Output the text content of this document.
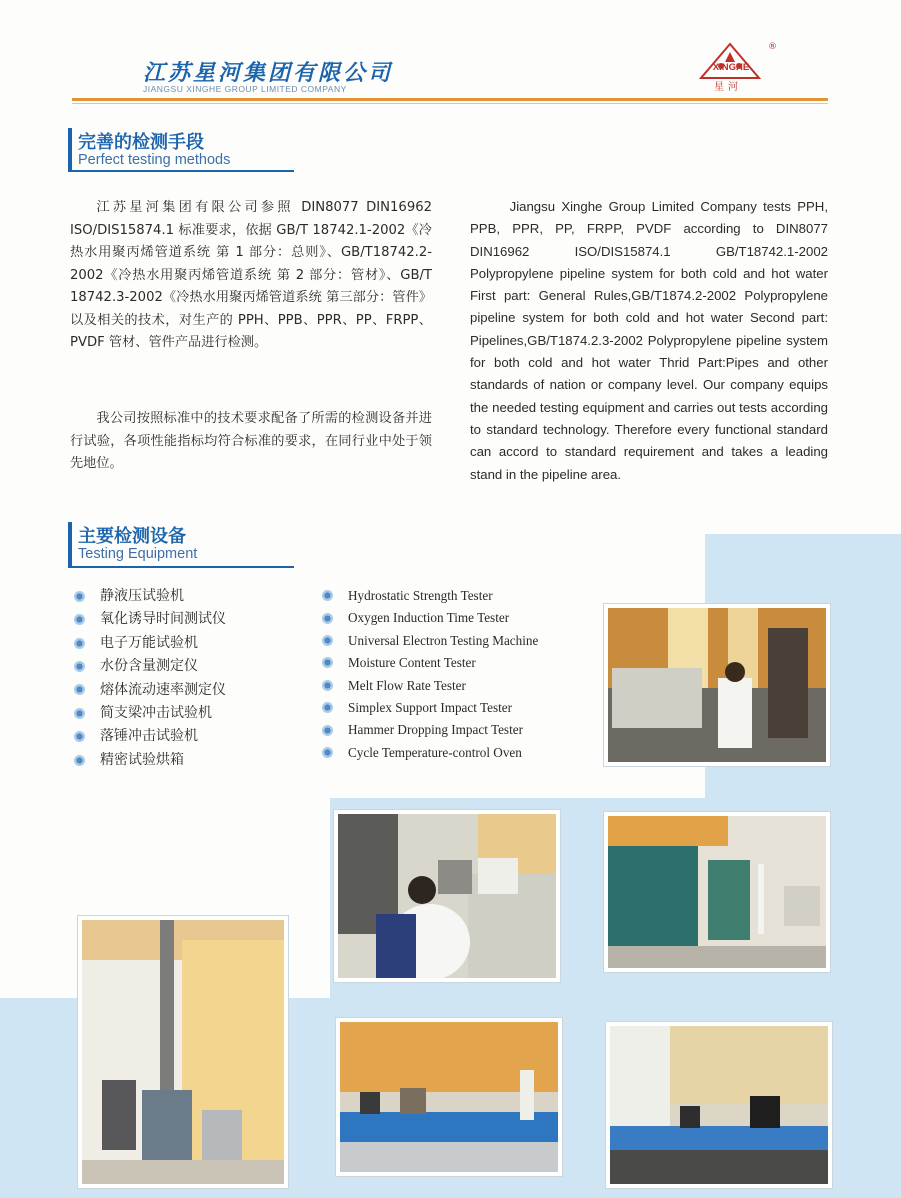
江苏星河集团有限公司
JIANGSU XINGHE GROUP LIMITED COMPANY
®
XINGHE
星河
完善的检测手段
Perfect testing methods
江苏星河集团有限公司参照 DIN8077 DIN16962 ISO/DIS15874.1 标准要求，依据 GB/T 18742.1-2002《冷热水用聚丙烯管道系统 第 1 部分：总则》、GB/T18742.2-2002《冷热水用聚丙烯管道系统 第 2 部分：管材》、GB/T 18742.3-2002《冷热水用聚丙烯管道系统 第三部分：管件》以及相关的技术，对生产的 PPH、PPB、PPR、PP、FRPP、PVDF 管材、管件产品进行检测。
我公司按照标准中的技术要求配备了所需的检测设备并进行试验，各项性能指标均符合标准的要求，在同行业中处于领先地位。
Jiangsu Xinghe Group Limited Company tests PPH, PPB, PPR, PP, FRPP, PVDF according to DIN8077 DIN16962 ISO/DIS15874.1 GB/T18742.1-2002 Polypropylene pipeline system for both cold and hot water First part: General Rules,GB/T1874.2-2002 Polypropylene pipeline system for both cold and hot water Second part: Pipelines,GB/T1874.2.3-2002 Polypropylene pipeline system for both cold and hot water Thrid Part:Pipes and other standards of nation or company level. Our company equips the needed testing equipment and carries out tests according to standard technology. Therefore every functional standard can accord to standard requirement and takes a leading stand in the pipeline area.
主要检测设备
Testing Equipment
静液压试验机
氧化诱导时间测试仪
电子万能试验机
水份含量测定仪
熔体流动速率测定仪
简支梁冲击试验机
落锤冲击试验机
精密试验烘箱
Hydrostatic Strength Tester
Oxygen Induction Time Tester
Universal Electron Testing Machine
Moisture Content Tester
Melt Flow Rate Tester
Simplex Support Impact Tester
Hammer Dropping Impact Tester
Cycle Temperature-control Oven
